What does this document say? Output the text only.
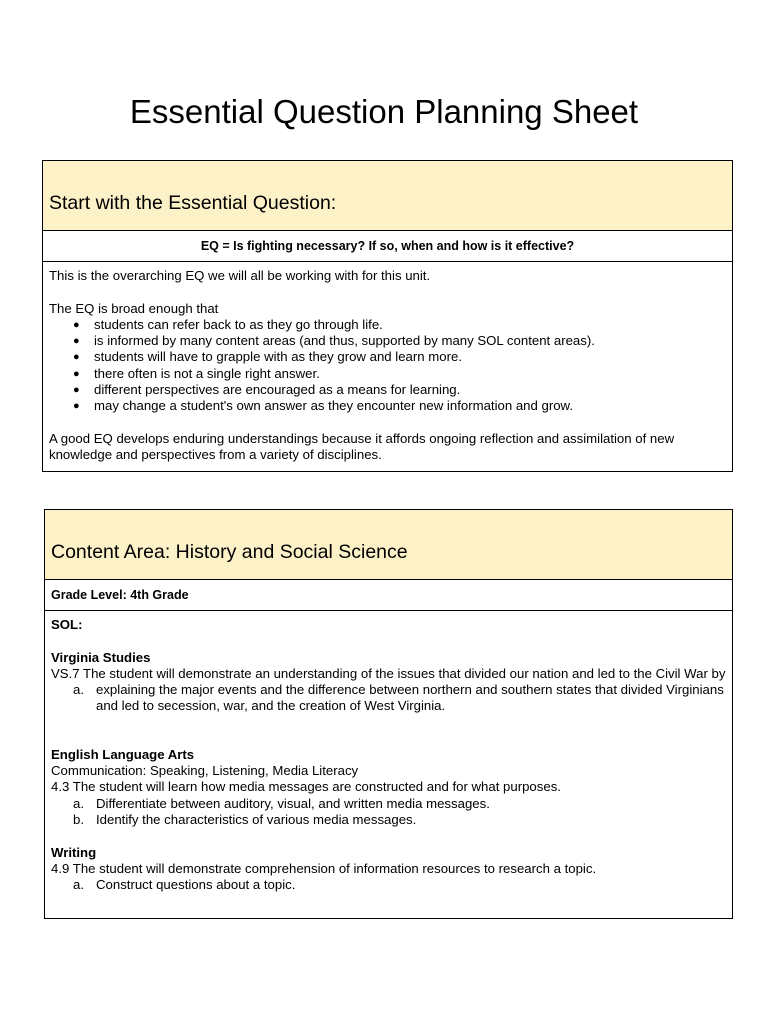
Essential Question Planning Sheet
Start with the Essential Question:
EQ = Is fighting necessary? If so, when and how is it effective?

This is the overarching EQ we will all be working with for this unit.

The EQ is broad enough that

● students can refer back to as they go through life.
● is informed by many content areas (and thus, supported by many SOL content areas).
● students will have to grapple with as they grow and learn more.
● there often is not a single right answer.
● different perspectives are encouraged as a means for learning.
● may change a student's own answer as they encounter new information and grow.

A good EQ develops enduring understandings because it affords ongoing reflection and assimilation of new knowledge and perspectives from a variety of disciplines.

Content Area: History and Social Science
Grade Level: 4th Grade

SOL:

Virginia Studies

VS.7 The student will demonstrate an understanding of the issues that divided our nation and led to the Civil War by

a. explaining the major events and the difference between northern and southern states that divided Virginians and led to secession, war, and the creation of West Virginia.

English Language Arts

Communication: Speaking, Listening, Media Literacy

4.3 The student will learn how media messages are constructed and for what purposes.

a. Differentiate between auditory, visual, and written media messages.
b. Identify the characteristics of various media messages.

Writing

4.9 The student will demonstrate comprehension of information resources to research a topic.

a. Construct questions about a topic.
